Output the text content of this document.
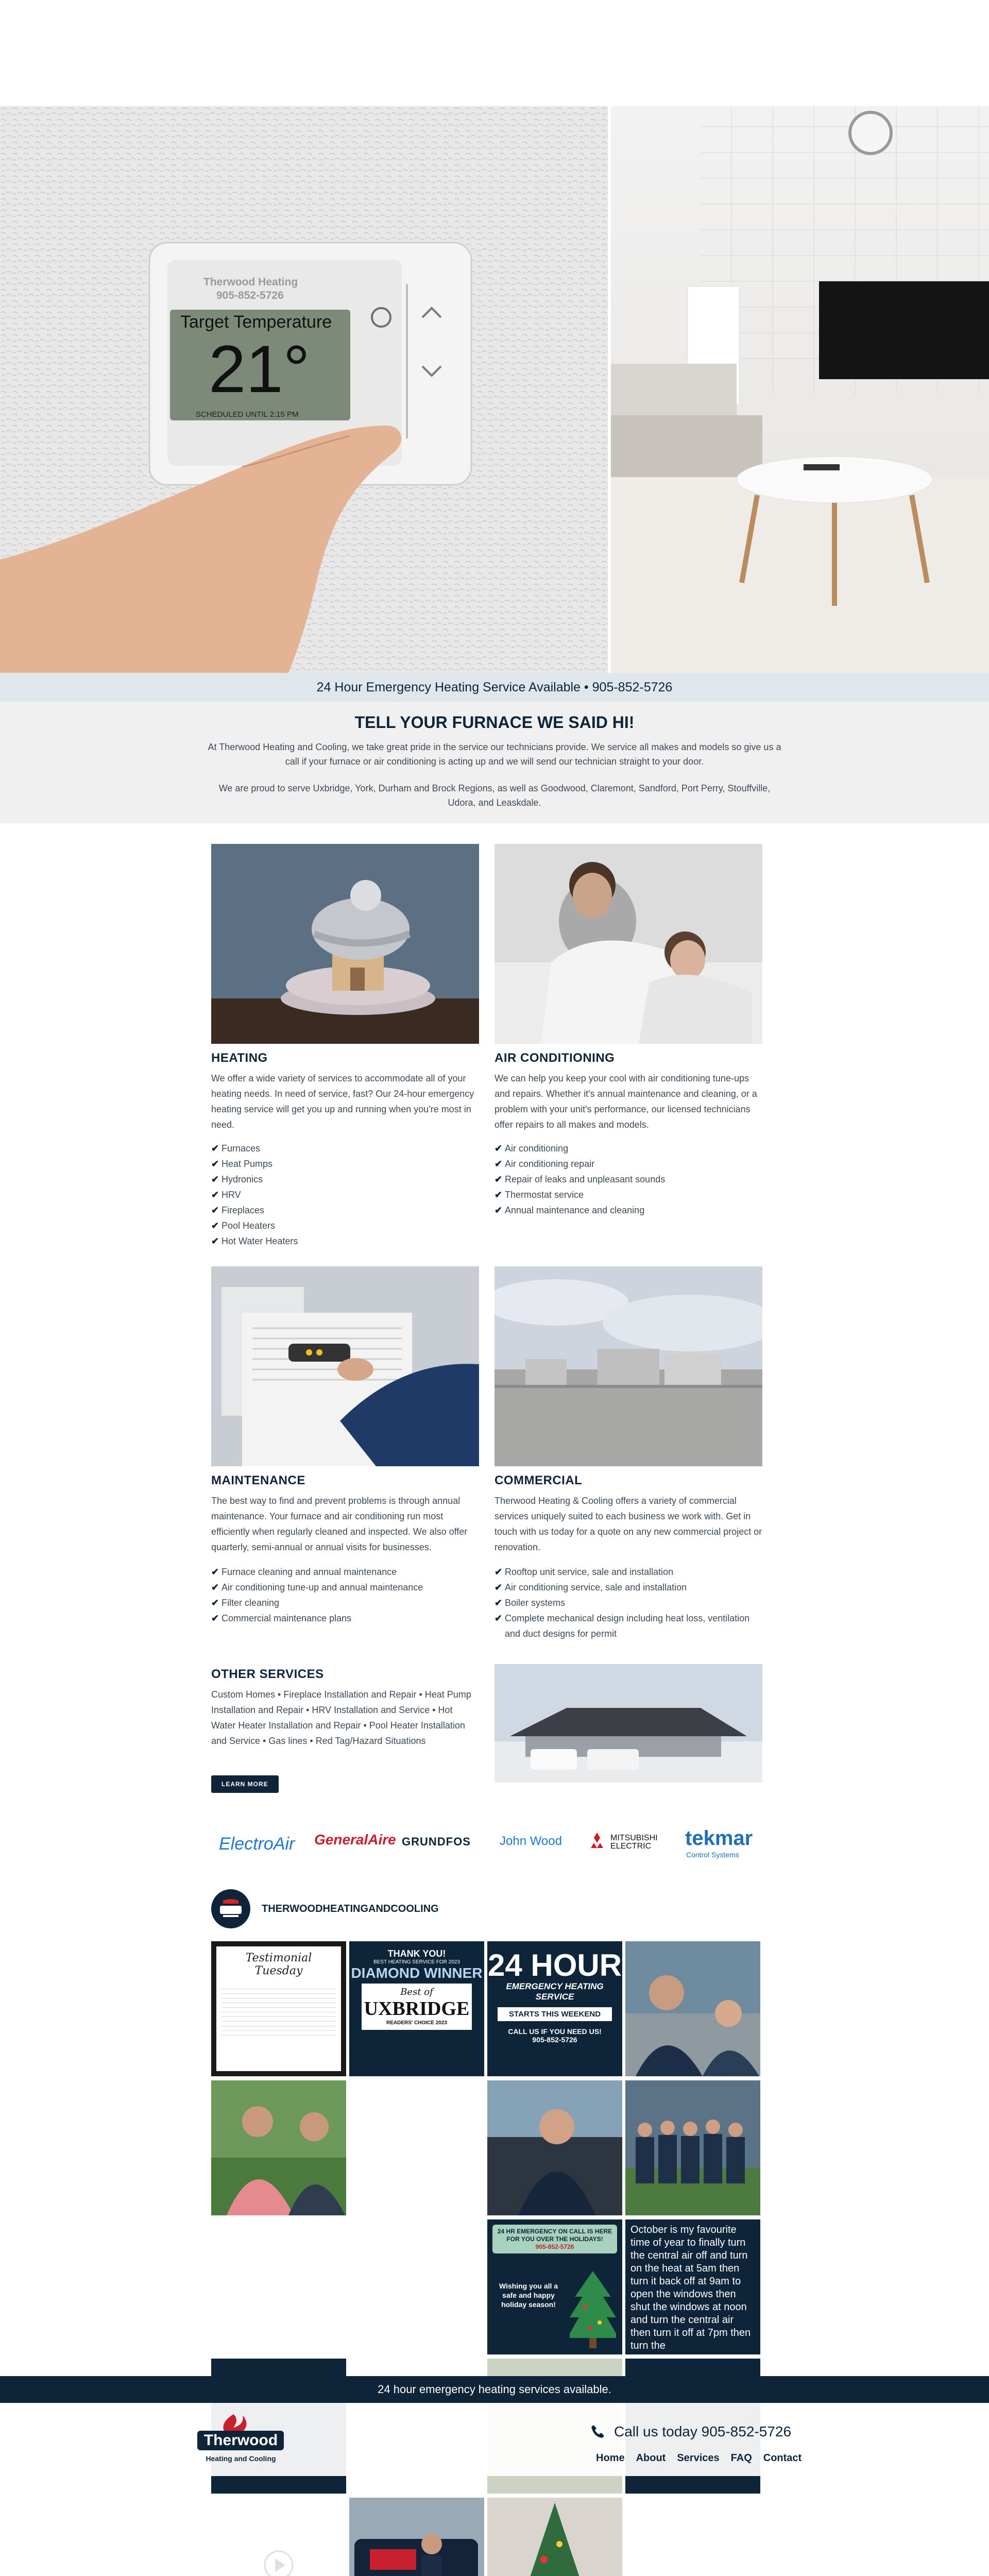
Therwood Heating
905-852-5726
Target Temperature
21°
SCHEDULED UNTIL 2:15 PM
24 Hour Emergency Heating Service Available • 905-852-5726
TELL YOUR FURNACE WE SAID HI!
At Therwood Heating and Cooling, we take great pride in the service our technicians provide. We service all makes and models so give us a call if your furnace or air conditioning is acting up and we will send our technician straight to your door.
We are proud to serve Uxbridge, York, Durham and Brock Regions, as well as Goodwood, Claremont, Sandford, Port Perry, Stouffville, Udora, and Leaskdale.
HEATING
We offer a wide variety of services to accommodate all of your heating needs. In need of service, fast? Our 24-hour emergency heating service will get you up and running when you're most in need.
✔ Furnaces
✔ Heat Pumps
✔ Hydronics
✔ HRV
✔ Fireplaces
✔ Pool Heaters
✔ Hot Water Heaters
AIR CONDITIONING
We can help you keep your cool with air conditioning tune-ups and repairs. Whether it's annual maintenance and cleaning, or a problem with your unit's performance, our licensed technicians offer repairs to all makes and models.
✔ Air conditioning
✔ Air conditioning repair
✔ Repair of leaks and unpleasant sounds
✔ Thermostat service
✔ Annual maintenance and cleaning
MAINTENANCE
The best way to find and prevent problems is through annual maintenance. Your furnace and air conditioning run most efficiently when regularly cleaned and inspected. We also offer quarterly, semi-annual or annual visits for businesses.
✔ Furnace cleaning and annual maintenance
✔ Air conditioning tune-up and annual maintenance
✔ Filter cleaning
✔ Commercial maintenance plans
COMMERCIAL
Therwood Heating & Cooling offers a variety of commercial services uniquely suited to each business we work with. Get in touch with us today for a quote on any new commercial project or renovation.
✔ Rooftop unit service, sale and installation
✔ Air conditioning service, sale and installation
✔ Boiler systems
✔ Complete mechanical design including heat loss, ventilation and duct designs for permit
OTHER SERVICES
Custom Homes • Fireplace Installation and Repair • Heat Pump Installation and Repair • HRV Installation and Service • Hot Water Heater Installation and Repair • Pool Heater Installation and Service • Gas lines • Red Tag/Hazard Situations
LEARN MORE
ElectroAir GeneralAire GRUNDFOS John Wood	MITSUBISHI ELECTRIC	tekmar
Control Systems
THERWOODHEATINGANDCOOLING
Testimonial Tuesday
THANK YOU!
BEST HEATING SERVICE FOR 2023
DIAMOND WINNER
Best of
UXBRIDGE
READERS' CHOICE 2023
24 HOUR
EMERGENCY HEATING SERVICE
STARTS THIS WEEKEND
CALL US IF YOU NEED US!
905-852-5726
24 HR EMERGENCY ON CALL IS HERE FOR YOU OVER THE HOLIDAYS!
905-852-5726
Wishing you all a safe and happy holiday season!
October is my favourite time of year to finally turn the central air off and turn on the heat at 5am then turn it back off at 9am to open the windows then shut the windows at noon and turn the central air then turn it off at 7pm then turn the
24 hour emergency heating services available.
Therwood
Heating and Cooling
Call us today 905-852-5726
Home About Services FAQ Contact
